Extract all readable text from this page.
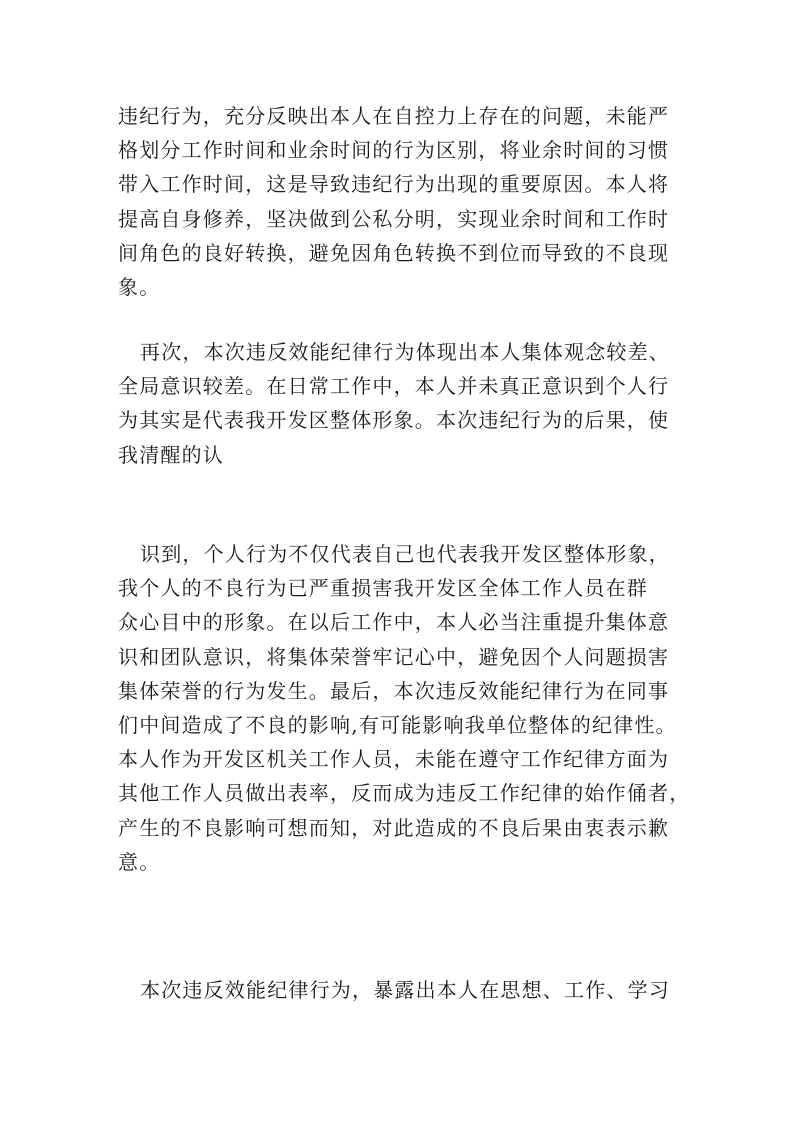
违纪行为，充分反映出本人在自控力上存在的问题，未能严
格划分工作时间和业余时间的行为区别，将业余时间的习惯
带入工作时间，这是导致违纪行为出现的重要原因。本人将
提高自身修养，坚决做到公私分明，实现业余时间和工作时
间角色的良好转换，避免因角色转换不到位而导致的不良现
象。
再次，本次违反效能纪律行为体现出本人集体观念较差、
全局意识较差。在日常工作中，本人并未真正意识到个人行
为其实是代表我开发区整体形象。本次违纪行为的后果，使
我清醒的认
识到，个人行为不仅代表自己也代表我开发区整体形象，
我个人的不良行为已严重损害我开发区全体工作人员在群
众心目中的形象。在以后工作中，本人必当注重提升集体意
识和团队意识，将集体荣誉牢记心中，避免因个人问题损害
集体荣誉的行为发生。最后，本次违反效能纪律行为在同事
们中间造成了不良的影响,有可能影响我单位整体的纪律性。
本人作为开发区机关工作人员，未能在遵守工作纪律方面为
其他工作人员做出表率，反而成为违反工作纪律的始作俑者，
产生的不良影响可想而知，对此造成的不良后果由衷表示歉
意。
本次违反效能纪律行为，暴露出本人在思想、工作、学习
